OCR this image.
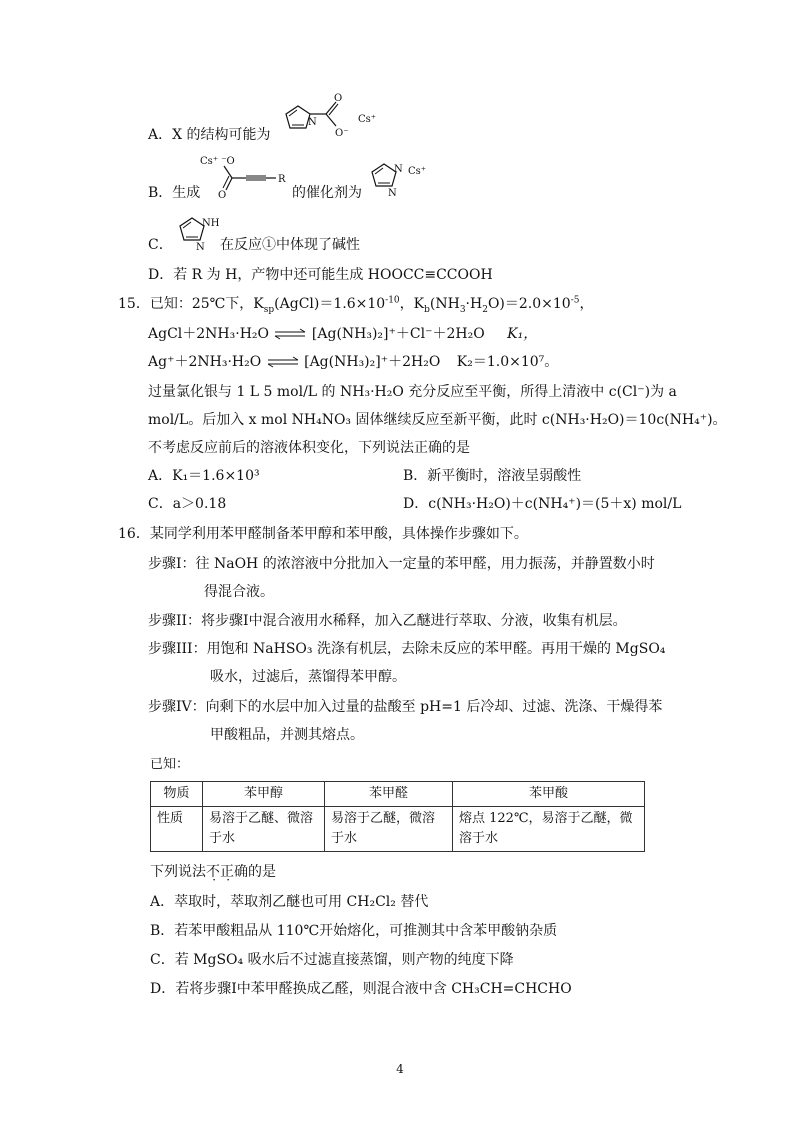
A．X 的结构可能为
N
O
O⁻
Cs⁺
B．生成
Cs⁺ ⁻O
O
R
的催化剂为
N
N
Cs⁺
C．
NH
N 在反应①中体现了碱性
D．若 R 为 H，产物中还可能生成 HOOCC≡CCOOH
15．已知：25℃下，$K_{sp}(AgCl)=1.6\times 10^{-10}$，$K_b(NH_3\cdot H_2O)=2.0\times 10^{-5}$，
AgCl＋2NH₃·H₂O ⇌ [Ag(NH₃)₂]⁺＋Cl⁻＋2H₂O K₁，
Ag⁺＋2NH₃·H₂O ⇌ [Ag(NH₃)₂]⁺＋2H₂O K₂＝1.0×10⁷。
过量氯化银与 1 L 5 mol/L 的 NH₃·H₂O 充分反应至平衡，所得上清液中 c(Cl⁻)为 a
mol/L。后加入 x mol NH₄NO₃ 固体继续反应至新平衡，此时 c(NH₃·H₂O)＝10c(NH₄⁺)。
不考虑反应前后的溶液体积变化，下列说法正确的是
A．K₁＝1.6×10³	B．新平衡时，溶液呈弱酸性
C．a＞0.18	D．c(NH₃·H₂O)＋c(NH₄⁺)＝(5＋x) mol/L
16．某同学利用苯甲醛制备苯甲醇和苯甲酸，具体操作步骤如下。
步骤I：往 NaOH 的浓溶液中分批加入一定量的苯甲醛，用力振荡，并静置数小时
得混合液。
步骤II：将步骤I中混合液用水稀释，加入乙醚进行萃取、分液，收集有机层。
步骤III：用饱和 NaHSO₃ 洗涤有机层，去除未反应的苯甲醛。再用干燥的 MgSO₄
吸水，过滤后，蒸馏得苯甲醇。
步骤IV：向剩下的水层中加入过量的盐酸至 pH=1 后冷却、过滤、洗涤、干燥得苯
甲酸粗品，并测其熔点。
已知：
物质	苯甲醇	苯甲醛	苯甲酸
性质	易溶于乙醚、微溶于水	易溶于乙醚，微溶于水	熔点 122℃，易溶于乙醚，微溶于水
下列说法不正确的是
A．萃取时，萃取剂乙醚也可用 CH₂Cl₂ 替代
B．若苯甲酸粗品从 110℃开始熔化，可推测其中含苯甲酸钠杂质
C．若 MgSO₄ 吸水后不过滤直接蒸馏，则产物的纯度下降
D．若将步骤I中苯甲醛换成乙醛，则混合液中含 CH₃CH=CHCHO
4
